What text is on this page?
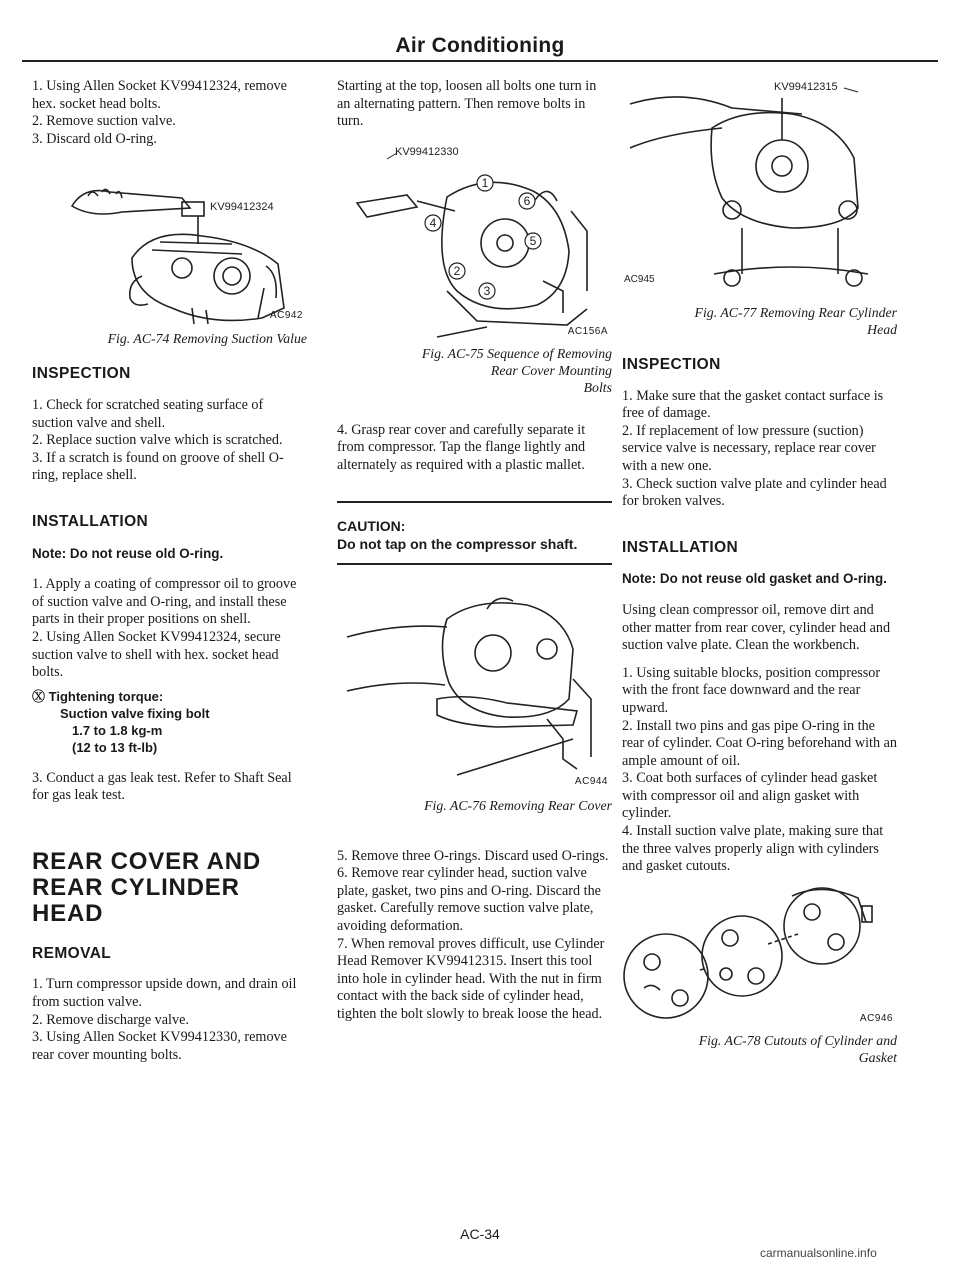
Air Conditioning

1. Using Allen Socket KV99412324, remove hex. socket head bolts.

2. Remove suction valve.

3. Discard old O-ring.

KV99412324
AC942

Fig. AC-74 Removing Suction Value

INSPECTION

1. Check for scratched seating surface of suction valve and shell.

2. Replace suction valve which is scratched.

3. If a scratch is found on groove of shell O-ring, replace shell.

INSTALLATION

Note: Do not reuse old O-ring.

1. Apply a coating of compressor oil to groove of suction valve and O-ring, and install these parts in their proper positions on shell.

2. Using Allen Socket KV99412324, secure suction valve to shell with hex. socket head bolts.

Ⓧ Tightening torque:
Suction valve fixing bolt
1.7 to 1.8 kg-m
(12 to 13 ft-lb)

3. Conduct a gas leak test. Refer to Shaft Seal for gas leak test.

REAR COVER AND
REAR CYLINDER
HEAD
REMOVAL

1. Turn compressor upside down, and drain oil from suction valve.

2. Remove discharge valve.

3. Using Allen Socket KV99412330, remove rear cover mounting bolts.

Starting at the top, loosen all bolts one turn in an alternating pattern. Then remove bolts in turn.

1
2
3
4
5
6
KV99412330
AC156A
Fig. AC-75 Sequence of Removing
Rear Cover Mounting
Bolts

4. Grasp rear cover and carefully separate it from compressor. Tap the flange lightly and alternately as required with a plastic mallet.

CAUTION:
Do not tap on the compressor shaft.
AC944

Fig. AC-76 Removing Rear Cover

5. Remove three O-rings. Discard used O-rings.

6. Remove rear cylinder head, suction valve plate, gasket, two pins and O-ring. Discard the gasket. Carefully remove suction valve plate, avoiding deformation.

7. When removal proves difficult, use Cylinder Head Remover KV99412315. Insert this tool into hole in cylinder head. With the nut in firm contact with the back side of cylinder head, tighten the bolt slowly to break loose the head.

KV99412315
AC945
Fig. AC-77 Removing Rear Cylinder
Head
INSPECTION

1. Make sure that the gasket contact surface is free of damage.

2. If replacement of low pressure (suction) service valve is necessary, replace rear cover with a new one.

3. Check suction valve plate and cylinder head for broken valves.

INSTALLATION

Note: Do not reuse old gasket and O-ring.

Using clean compressor oil, remove dirt and other matter from rear cover, cylinder head and suction valve plate. Clean the workbench.

1. Using suitable blocks, position compressor with the front face downward and the rear upward.

2. Install two pins and gas pipe O-ring in the rear of cylinder. Coat O-ring beforehand with an ample amount of oil.

3. Coat both surfaces of cylinder head gasket with compressor oil and align gasket with cylinder.

4. Install suction valve plate, making sure that the three valves properly align with cylinders and gasket cutouts.

AC946
Fig. AC-78 Cutouts of Cylinder and
Gasket
AC-34
carmanualsonline.info
